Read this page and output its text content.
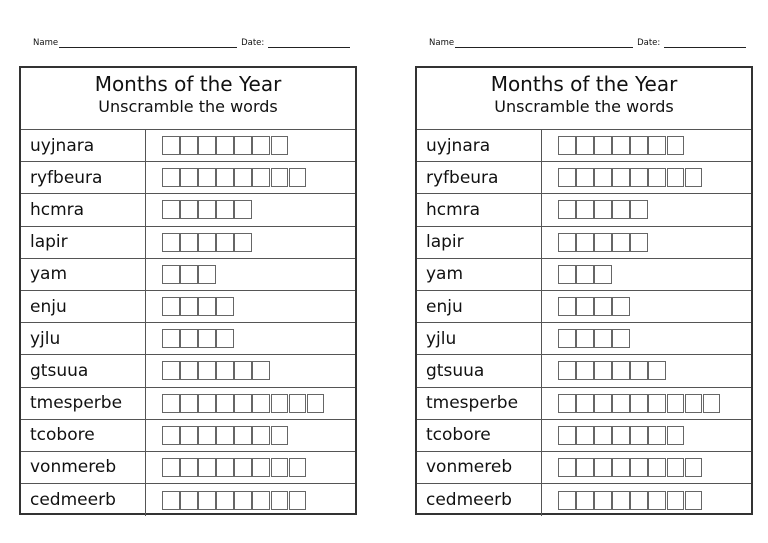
Name	Date:
Months of the Year
Unscramble the words
uyjnara
ryfbeura
hcmra
lapir
yam
enju
yjlu
gtsuua
tmesperbe
tcobore
vonmereb
cedmeerb
Name	Date:
Months of the Year
Unscramble the words
uyjnara
ryfbeura
hcmra
lapir
yam
enju
yjlu
gtsuua
tmesperbe
tcobore
vonmereb
cedmeerb
